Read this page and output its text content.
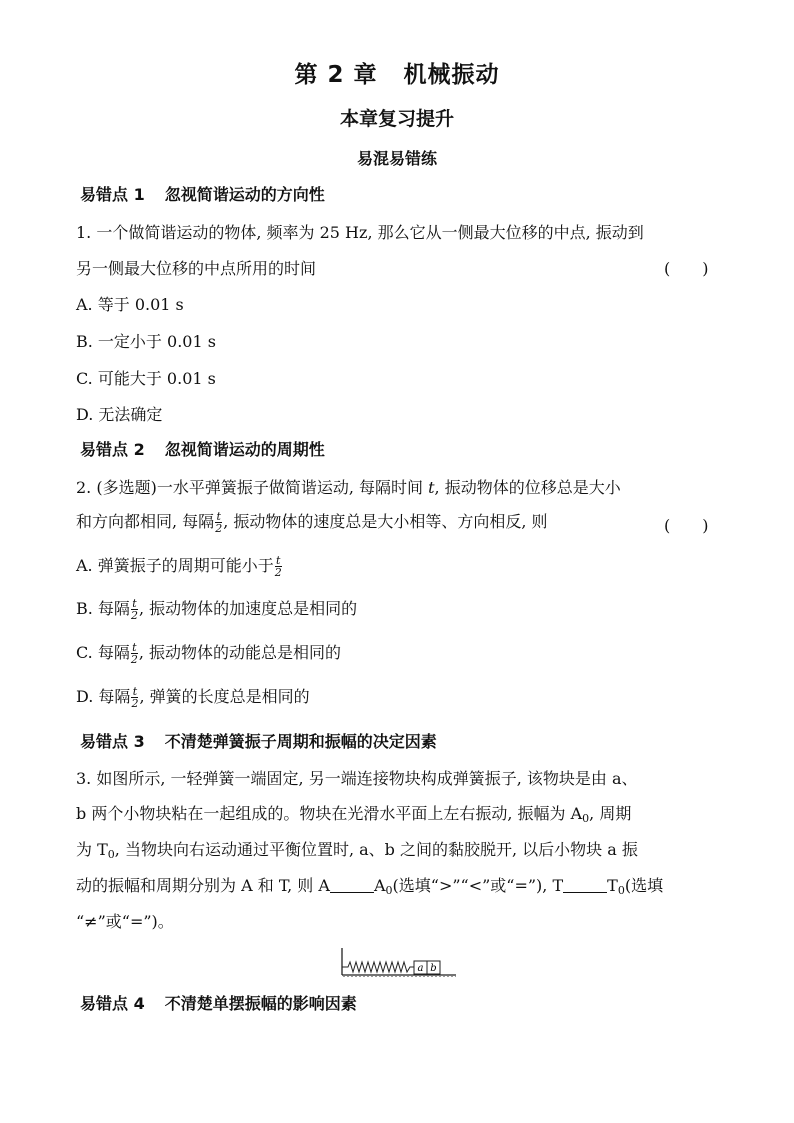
第 2 章 机械振动
本章复习提升
易混易错练
易错点 1 忽视简谐运动的方向性
1. 一个做简谐运动的物体, 频率为 25 Hz, 那么它从一侧最大位移的中点, 振动到
另一侧最大位移的中点所用的时间	(　　)
A. 等于 0.01 s
B. 一定小于 0.01 s
C. 可能大于 0.01 s
D. 无法确定
易错点 2 忽视简谐运动的周期性
2. (多选题)一水平弹簧振子做简谐运动, 每隔时间 t, 振动物体的位移总是大小
和方向都相同, 每隔 $\frac{t}{2}$ , 振动物体的速度总是大小相等、方向相反, 则	(　　)
A. 弹簧振子的周期可能小于 $\frac{t}{2}$
B. 每隔 $\frac{t}{2}$ , 振动物体的加速度总是相同的
C. 每隔 $\frac{t}{2}$ , 振动物体的动能总是相同的
D. 每隔 $\frac{t}{2}$ , 弹簧的长度总是相同的
易错点 3 不清楚弹簧振子周期和振幅的决定因素
3. 如图所示, 一轻弹簧一端固定, 另一端连接物块构成弹簧振子, 该物块是由 a、
b 两个小物块粘在一起组成的。物块在光滑水平面上左右振动, 振幅为 $A_0$, 周期
为 $T_0$, 当物块向右运动通过平衡位置时, a、b 之间的黏胶脱开, 以后小物块 a 振
动的振幅和周期分别为 A 和 T, 则 A	$A_0$(选填“>”“<”或“=”), T	$T_0$(选填
“≠”或“=”)。
a b
易错点 4 不清楚单摆振幅的影响因素
